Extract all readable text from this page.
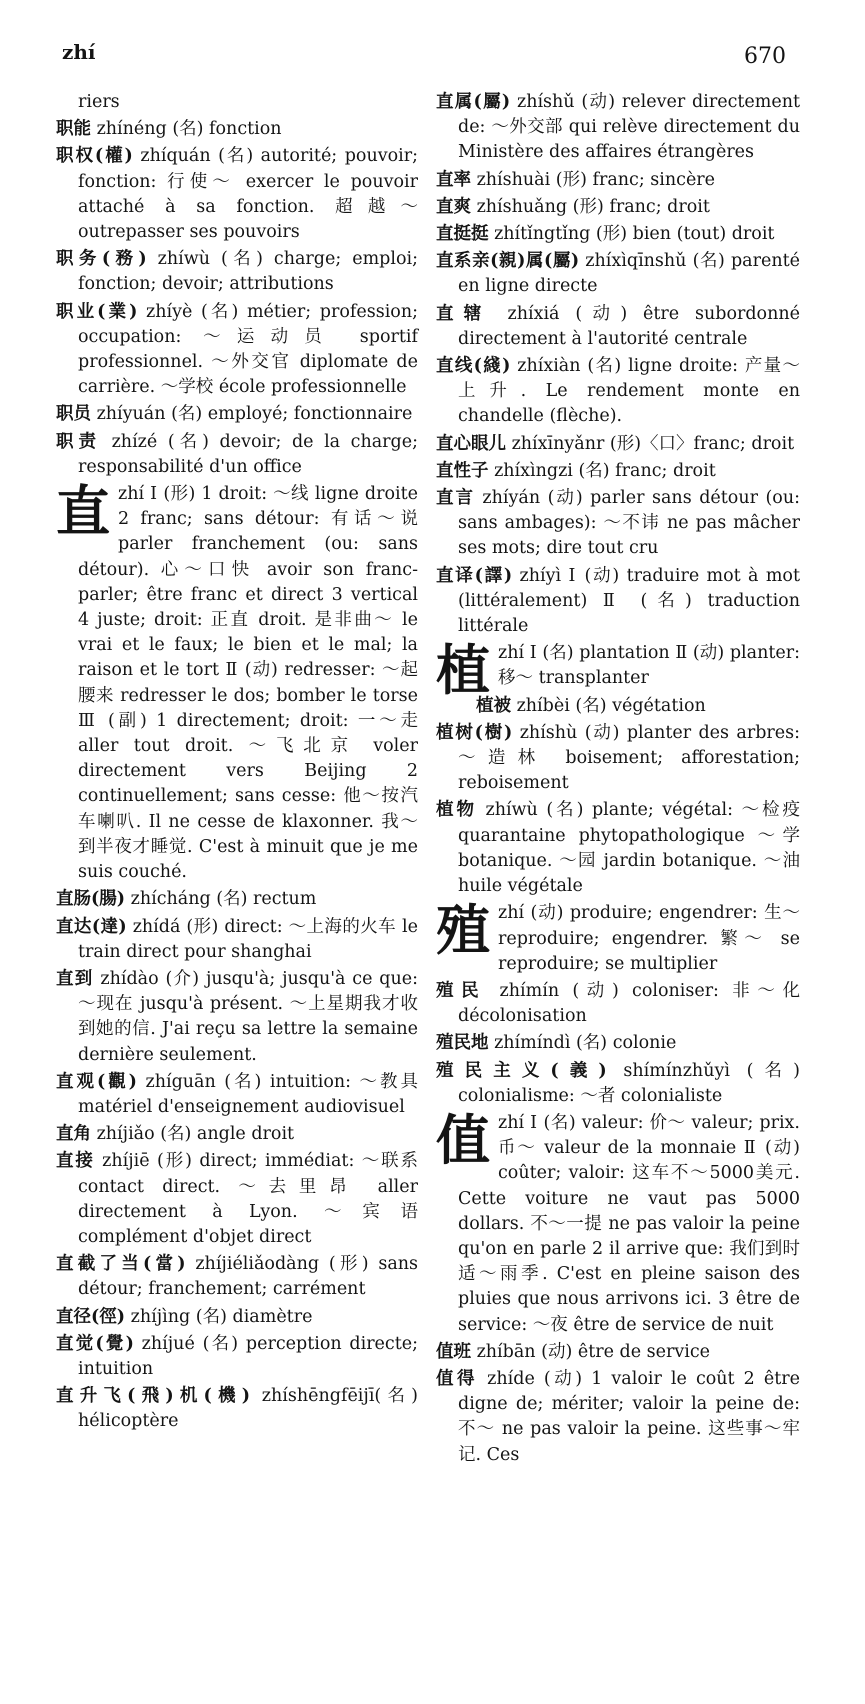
zhí	670
riers
职能 zhínéng (名) fonction
职权(權) zhíquán (名) autorité; pouvoir; fonction: 行使～ exercer le pouvoir attaché à sa fonction. 超越～ outrepasser ses pouvoirs
职务(務) zhíwù (名) charge; emploi; fonction; devoir; attributions
职业(業) zhíyè (名) métier; profession; occupation: ～运动员 sportif professionnel. ～外交官 diplomate de carrière. ～学校 école professionnelle
职员 zhíyuán (名) employé; fonctionnaire
职责 zhízé (名) devoir; de la charge; responsabilité d'un office
直zhí Ⅰ (形) 1 droit: ～线 ligne droite 2 franc; sans détour: 有话～说 parler franchement (ou: sans détour). 心～口快 avoir son franc-parler; être franc et direct 3 vertical 4 juste; droit: 正直 droit. 是非曲～ le vrai et le faux; le bien et le mal; la raison et le tort Ⅱ (动) redresser: ～起腰来 redresser le dos; bomber le torse Ⅲ (副) 1 directement; droit: 一～走 aller tout droit. ～飞北京 voler directement vers Beijing 2 continuellement; sans cesse: 他～按汽车喇叭. Il ne cesse de klaxonner. 我～到半夜才睡觉. C'est à minuit que je me suis couché.
直肠(腸) zhícháng (名) rectum
直达(達) zhídá (形) direct: ～上海的火车 le train direct pour shanghai
直到 zhídào (介) jusqu'à; jusqu'à ce que: ～现在 jusqu'à présent. ～上星期我才收到她的信. J'ai reçu sa lettre la semaine dernière seulement.
直观(觀) zhíguān (名) intuition: ～教具 matériel d'enseignement audiovisuel
直角 zhíjiǎo (名) angle droit
直接 zhíjiē (形) direct; immédiat: ～联系 contact direct. ～去里昂 aller directement à Lyon. ～宾语 complément d'objet direct
直截了当(當) zhíjiéliǎodàng (形) sans détour; franchement; carrément
直径(徑) zhíjìng (名) diamètre
直觉(覺) zhíjué (名) perception directe; intuition
直升飞(飛)机(機) zhíshēngfēijī(名) hélicoptère
直属(屬) zhíshǔ (动) relever directement de: ～外交部 qui relève directement du Ministère des affaires étrangères
直率 zhíshuài (形) franc; sincère
直爽 zhíshuǎng (形) franc; droit
直挺挺 zhítǐngtǐng (形) bien (tout) droit
直系亲(親)属(屬) zhíxìqīnshǔ (名) parenté en ligne directe
直辖 zhíxiá (动) être subordonné directement à l'autorité centrale
直线(綫) zhíxiàn (名) ligne droite: 产量～上升. Le rendement monte en chandelle (flèche).
直心眼儿 zhíxīnyǎnr (形)〈口〉franc; droit
直性子 zhíxìngzi (名) franc; droit
直言 zhíyán (动) parler sans détour (ou: sans ambages): ～不讳 ne pas mâcher ses mots; dire tout cru
直译(譯) zhíyì Ⅰ (动) traduire mot à mot (littéralement) Ⅱ (名) traduction littérale
植zhí Ⅰ (名) plantation Ⅱ (动) planter: 移～ transplanter
植被 zhíbèi (名) végétation
植树(樹) zhíshù (动) planter des arbres: ～造林 boisement; afforestation; reboisement
植物 zhíwù (名) plante; végétal: ～检疫 quarantaine phytopathologique ～学 botanique. ～园 jardin botanique. ～油 huile végétale
殖zhí (动) produire; engendrer: 生～ reproduire; engendrer. 繁～ se reproduire; se multiplier
殖民 zhímín (动) coloniser: 非～化 décolonisation
殖民地 zhímíndì (名) colonie
殖民主义(義) shímínzhǔyì (名) colonialisme: ～者 colonialiste
值zhí Ⅰ (名) valeur: 价～ valeur; prix. 币～ valeur de la monnaie Ⅱ (动) coûter; valoir: 这车不～5000美元. Cette voiture ne vaut pas 5000 dollars. 不～一提 ne pas valoir la peine qu'on en parle 2 il arrive que: 我们到时适～雨季. C'est en pleine saison des pluies que nous arrivons ici. 3 être de service: ～夜 être de service de nuit
值班 zhíbān (动) être de service
值得 zhíde (动) 1 valoir le coût 2 être digne de; mériter; valoir la peine de: 不～ ne pas valoir la peine. 这些事～牢记. Ces
